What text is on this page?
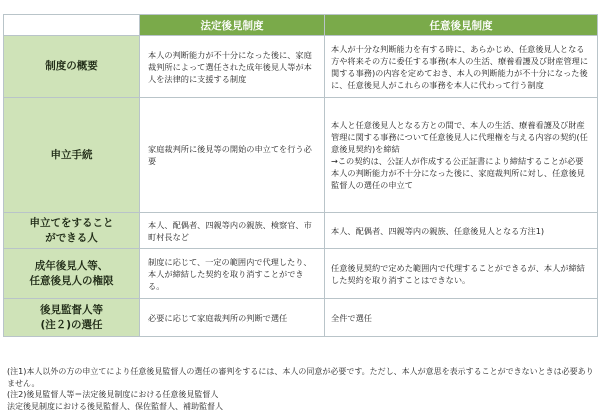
	法定後見制度	任意後見制度

制度の概要	本人の判断能力が不十分になった後に、家庭裁判所によって選任された成年後見人等が本人を法律的に支援する制度	本人が十分な判断能力を有する時に、あらかじめ、任意後見人となる方や将来その方に委任する事務(本人の生活、療養看護及び財産管理に関する事務)の内容を定めておき、本人の判断能力が不十分になった後に、任意後見人がこれらの事務を本人に代わって行う制度

申立手続	家庭裁判所に後見等の開始の申立てを行う必要	本人と任意後見人となる方との間で、本人の生活、療養看護及び財産管理に関する事務について任意後見人に代理権を与える内容の契約(任意後見契約)を締結
→この契約は、公証人が作成する公正証書により締結することが必要
本人の判断能力が不十分になった後に、家庭裁判所に対し、任意後見監督人の選任の申立て

申立てをすること
ができる人	本人、配偶者、四親等内の親族、検察官、市町村長など	本人、配偶者、四親等内の親族、任意後見人となる方注1)

成年後見人等、
任意後見人の権限	制度に応じて、一定の範囲内で代理したり、本人が締結した契約を取り消すことができる。	任意後見契約で定めた範囲内で代理することができるが、本人が締結した契約を取り消すことはできない。

後見監督人等
(注２)の選任	必要に応じて家庭裁判所の判断で選任	全件で選任
(注1)本人以外の方の申立てにより任意後見監督人の選任の審判をするには、本人の同意が必要です。ただし、本人が意思を表示することができないときは必要ありません。
(注2)後見監督人等＝法定後見制度における任意後見監督人
法定後見制度における後見監督人、保佐監督人、補助監督人
